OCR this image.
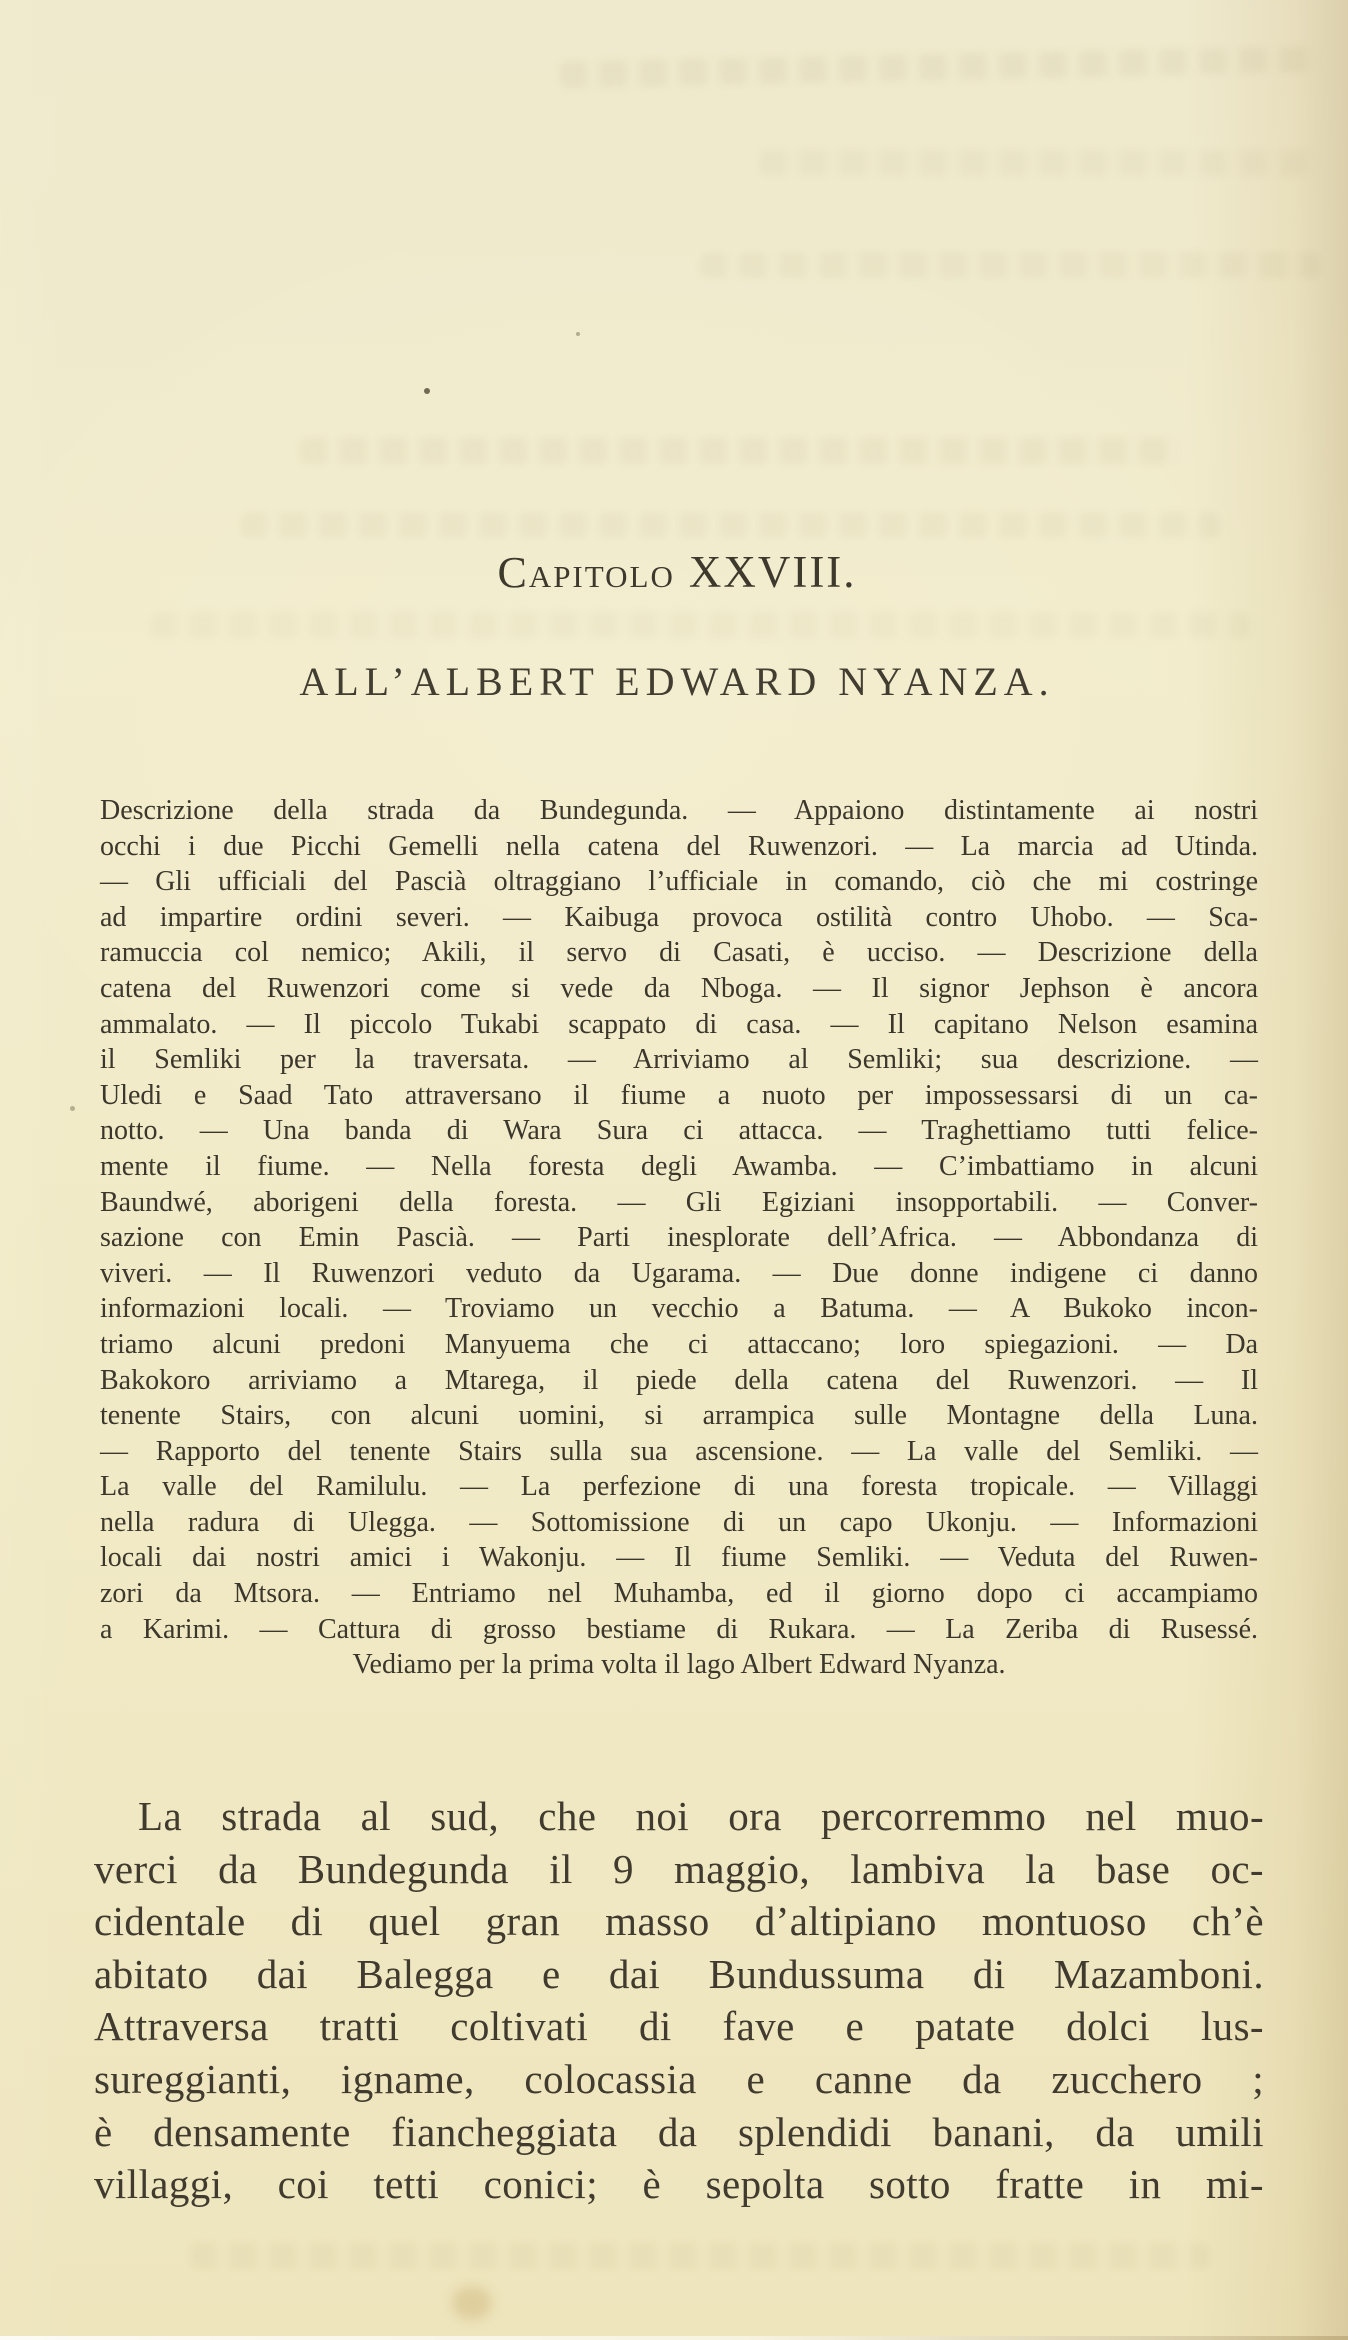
Capitolo XXVIII.
ALL’ALBERT EDWARD NYANZA.
Descrizione della strada da Bundegunda. — Appaiono distintamente ai nostri
occhi i due Picchi Gemelli nella catena del Ruwenzori. — La marcia ad Utinda.
— Gli ufficiali del Pascià oltraggiano l’ufficiale in comando, ciò che mi costringe
ad impartire ordini severi. — Kaibuga provoca ostilità contro Uhobo. — Sca-
ramuccia col nemico; Akili, il servo di Casati, è ucciso. — Descrizione della
catena del Ruwenzori come si vede da Nboga. — Il signor Jephson è ancora
ammalato. — Il piccolo Tukabi scappato di casa. — Il capitano Nelson esamina
il Semliki per la traversata. — Arriviamo al Semliki; sua descrizione. —
Uledi e Saad Tato attraversano il fiume a nuoto per impossessarsi di un ca-
notto. — Una banda di Wara Sura ci attacca. — Traghettiamo tutti felice-
mente il fiume. — Nella foresta degli Awamba. — C’imbattiamo in alcuni
Baundwé, aborigeni della foresta. — Gli Egiziani insopportabili. — Conver-
sazione con Emin Pascià. — Parti inesplorate dell’Africa. — Abbondanza di
viveri. — Il Ruwenzori veduto da Ugarama. — Due donne indigene ci danno
informazioni locali. — Troviamo un vecchio a Batuma. — A Bukoko incon-
triamo alcuni predoni Manyuema che ci attaccano; loro spiegazioni. — Da
Bakokoro arriviamo a Mtarega, il piede della catena del Ruwenzori. — Il
tenente Stairs, con alcuni uomini, si arrampica sulle Montagne della Luna.
— Rapporto del tenente Stairs sulla sua ascensione. — La valle del Semliki. —
La valle del Ramilulu. — La perfezione di una foresta tropicale. — Villaggi
nella radura di Ulegga. — Sottomissione di un capo Ukonju. — Informazioni
locali dai nostri amici i Wakonju. — Il fiume Semliki. — Veduta del Ruwen-
zori da Mtsora. — Entriamo nel Muhamba, ed il giorno dopo ci accampiamo
a Karimi. — Cattura di grosso bestiame di Rukara. — La Zeriba di Rusessé.
Vediamo per la prima volta il lago Albert Edward Nyanza.
La strada al sud, che noi ora percorremmo nel muo-
verci da Bundegunda il 9 maggio, lambiva la base oc-
cidentale di quel gran masso d’altipiano montuoso ch’è
abitato dai Balegga e dai Bundussuma di Mazamboni.
Attraversa tratti coltivati di fave e patate dolci lus-
sureggianti, igname, colocassia e canne da zucchero ;
è densamente fiancheggiata da splendidi banani, da umili
villaggi, coi tetti conici; è sepolta sotto fratte in mi-
